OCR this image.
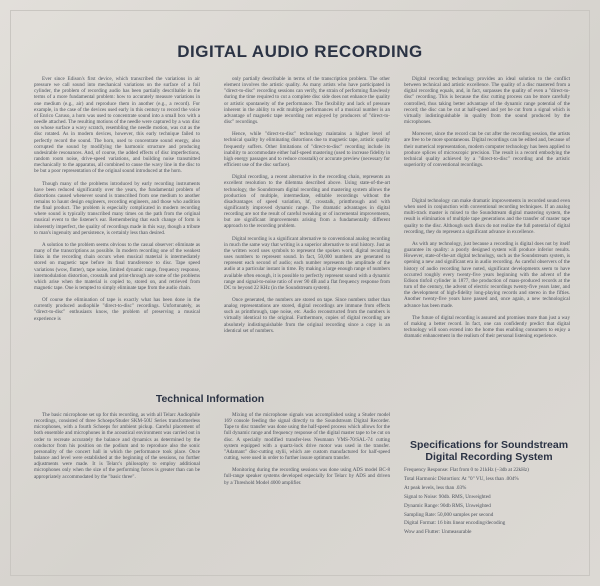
DIGITAL AUDIO RECORDING

Ever since Edison's first device, which transcribed the variations in air pressure we call sound into mechanical variations on the surface of a foil cylinder, the problem of recording audio has been partially describable in the terms of a more fundamental problem: how to accurately measure variations in one medium (e.g., air) and reproduce them in another (e.g., a record). For example, in the case of the devices used early in this century to record the voice of Enrico Caruso, a horn was used to concentrate sound into a small box with a needle attached. The resulting motions of the needle were captured by a wax disc on whose surface a wavy scratch, resembling the needle motion, was cut as the disc rotated. As in modern devices, however, this early technique failed to perfectly record the sound. The horn, used to concentrate sound energy, also corrupted the sound by modifying the harmonic structure and producing undesirable resonances. And, of course, the added effects of disc imperfections, random room noise, drive-speed variations, and building noise transmitted mechanically to the apparatus, all combined to cause the wavy line in the disc to be but a poor representation of the original sound introduced at the horn.

Though many of the problems introduced by early recording instruments have been reduced significantly over the years, the fundamental problem of distortions caused whenever sound is transcribed from one medium to another remains to haunt design engineers, recording engineers, and those who audition the final product. The problem is especially complicated in modern recording where sound is typically transcribed many times on the path from the original musical event to the listener's ear. Remembering that each change of form is inherently imperfect, the quality of recordings made in this way, though a tribute to man's ingenuity and persistence, is certainly less than desired.

A solution to the problem seems obvious to the casual observer: eliminate as many of the transcriptions as possible. In modern recording one of the weakest links in the recording chain occurs when musical material is intermediately stored on magnetic tape before its final transference to disc. Tape speed variations (wow, flutter), tape noise, limited dynamic range, frequency response, intermodulation distortion, crosstalk and print-through are some of the problems which arise when the material is copied to, stored on, and retrieved from magnetic tape. One is tempted to simply eliminate tape from the audio chain.

Of course the elimination of tape is exactly what has been done in the currently produced audiophile "direct-to-disc" recordings. Unfortunately, as "direct-to-disc" enthusiasts know, the problem of preserving a musical experience is

only partially describable in terms of the transcription problem. The other element involves the artistic quality. As many artists who have participated in "direct-to-disc" recording sessions can verify, the strain of performing flawlessly during the time required to cut a complete disc side does not enhance the quality or artistic spontaneity of the performance. The flexibility and lack of pressure inherent in the ability to edit multiple performances of a musical number is an advantage of magnetic tape recording not enjoyed by producers of "direct-to-disc" recordings.

Hence, while "direct-to-disc" technology maintains a higher level of technical quality by eliminating distortions due to magnetic tape, artistic quality frequently suffers. Other limitations of "direct-to-disc" recording include its inability to accommodate either half-speed mastering (used to increase fidelity in high energy passages and to reduce crosstalk) or accurate preview (necessary for efficient use of the disc surface).

Digital recording, a recent alternative in the recording chain, represents an excellent resolution to the dilemma described above. Using state-of-the-art technology, the Soundstream digital recording and mastering system allows the production of multiple, intermediate, editable recordings without the disadvantages of speed variation, hf, crosstalk, printthrough and with significantly improved dynamic range. The dramatic advantages in digital recording are not the result of careful tweaking or of incremental improvements, but are significant improvements arising from a fundamentally different approach to the recording problem.

Digital recording is a significant alternative to conventional analog recording in much the same way that writing is a superior alternative to oral history. Just as the written word uses symbols to represent the spoken word, digital recording uses numbers to represent sound. In fact, 50,000 numbers are generated to represent each second of audio; each number represents the amplitude of the audio at a particular instant in time. By making a large enough range of numbers available often enough, it is possible to perfectly represent sound with a dynamic range and signal-to-noise ratio of over 90 dB and a flat frequency response from DC to beyond 22 KHz (in the Soundstream system).

Once generated, the numbers are stored on tape. Since numbers rather than analog representations are stored, digital recordings are immune from effects such as printthrough, tape noise, etc. Audio reconstructed from the numbers is virtually identical to the original. Furthermore, copies of digital recording are absolutely indistinguishable from the original recording since a copy is an identical set of numbers.

Digital recording technology provides an ideal solution to the conflict between technical and artistic excellence. The quality of a disc mastered from a digital recording equals, and, in fact, surpasses the quality of even a "direct-to-disc" recording. This is because the disc cutting process can be more carefully controlled, thus taking better advantage of the dynamic range potential of the record; the disc can be cut at half-speed and yet be cut from a signal which is virtually indistinguishable in quality from the sound produced by the microphones.

Moreover, since the record can be cut after the recording session, the artists are free to be more spontaneous. Digital recordings can be edited and, because of their numerical representation, modern computer technology has been applied to produce splices of microscopic precision. The result is a record embodying the technical quality achieved by a "direct-to-disc" recording and the artistic superiority of conventional recordings.

Digital technology can make dramatic improvements in recorded sound even when used in conjunction with conventional recording techniques. If an analog multi-track master is mixed to the Soundstream digital mastering system, the result is elimination of multiple tape generations and the transfer of master tape quality to the disc. Although such discs do not realize the full potential of digital recording, they do represent a significant advance in excellence.

As with any technology, just because a recording is digital does not by itself guarantee its quality: a poorly designed system will produce inferior results. However, state-of-the-art digital technology, such as the Soundstream system, is opening a new and significant era in audio recording. As careful observers of the history of audio recording have noted, significant developments seem to have occurred roughly every twenty-five years beginning with the advent of the Edison tinfoil cylinder in 1877, the production of mass-produced records at the turn of the century, the advent of electric recordings twenty-five years later, and the development of high-fidelity long-playing records and stereo in the fifties. Another twenty-five years have passed and, once again, a new technological advance has been made.

The future of digital recording is assured and promises more than just a way of making a better record. In fact, one can confidently predict that digital technology will soon extend into the home thus enabling consumers to enjoy a dramatic enhancement in the realism of their personal listening experience.

Technical Information

The basic microphone set up for this recording, as with all Telarc Audiophile recordings, consisted of three Schoeps/Studer SKM-50U Series transformerless microphones, with a fourth Schoeps for ambient pickup. Careful placement of both ensemble and microphones in the acoustical environment was carried out in order to recreate accurately the balance and dynamics as determined by the conductor from his position on the podium and to reproduce also the sonic personality of the concert hall in which the performance took place. Once balance and level were established at the beginning of the sessions, no further adjustments were made. It is Telarc's philosophy to employ additional microphones only when the size of the performing forces is greater than can be appropriately accommodated by the "basic three".

Mixing of the microphone signals was accomplished using a Studer model 169 console feeding the signal directly to the Soundstream Digital Recorder. Tape to disc transfer was done using the half-speed process which allows for the full dynamic range and frequency response of the digital master tape to be cut on disc. A specially modified transfer-less Neumann VMS-70/SAL-74 cutting system equipped with a quartz-lock drive motor was used in the transfer. "Adamant" disc-cutting stylii, which are custom manufactured for half-speed cutting, were used in order to further insure optimum transfer.

Monitoring during the recording sessions was done using ADS model BC-8 full-range speaker systems developed especially for Telarc by ADS and driven by a Threshold Model 4000 amplifier.

Specifications for Soundstream
Digital Recording System
Frequency Response: Flat from 0 to 21kHz (–3db at 22kHz)
Total Harmonic Distortion: At "0" VU, less than .004%
At peak levels, less than .03%
Signal to Noise: 90db. RMS, Unweighted
Dynamic Range: 90db RMS, Unweighted
Sampling Rate: 50,000 samples per second
Digital Format: 16 bits linear encoding/decoding
Wow and Flutter: Unmeasurable
